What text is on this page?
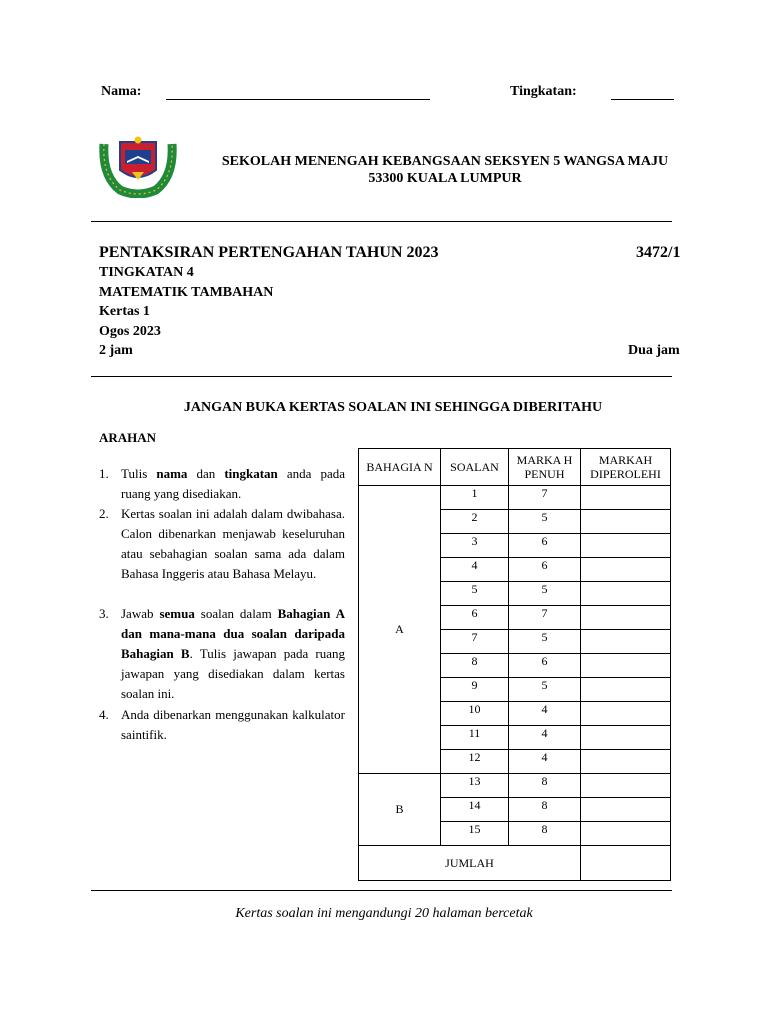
Nama:	Tingkatan:
SEKOLAH MENENGAH KEBANGSAAN SEKSYEN 5 WANGSA MAJU
53300 KUALA LUMPUR
PENTAKSIRAN PERTENGAHAN TAHUN 2023	3472/1
TINGKATAN 4
MATEMATIK TAMBAHAN
Kertas 1
Ogos 2023
2 jam	Dua jam
JANGAN BUKA KERTAS SOALAN INI SEHINGGA DIBERITAHU
ARAHAN
1. Tulis nama dan tingkatan anda pada ruang yang disediakan.
2. Kertas soalan ini adalah dalam dwibahasa. Calon dibenarkan menjawab keseluruhan atau sebahagian soalan sama ada dalam Bahasa Inggeris atau Bahasa Melayu.
3. Jawab semua soalan dalam Bahagian A dan mana-mana dua soalan daripada Bahagian B. Tulis jawapan pada ruang jawapan yang disediakan dalam kertas soalan ini.
4. Anda dibenarkan menggunakan kalkulator saintifik.
BAHAGIA N	SOALAN	MARKA H PENUH	MARKAH DIPEROLEHI
A	1	7	
	2	5	
	3	6	
	4	6	
	5	5	
	6	7	
	7	5	
	8	6	
	9	5	
	10	4	
	11	4	
	12	4	
B	13	8	
	14	8	
	15	8	
JUMLAH			
Kertas soalan ini mengandungi 20 halaman bercetak
